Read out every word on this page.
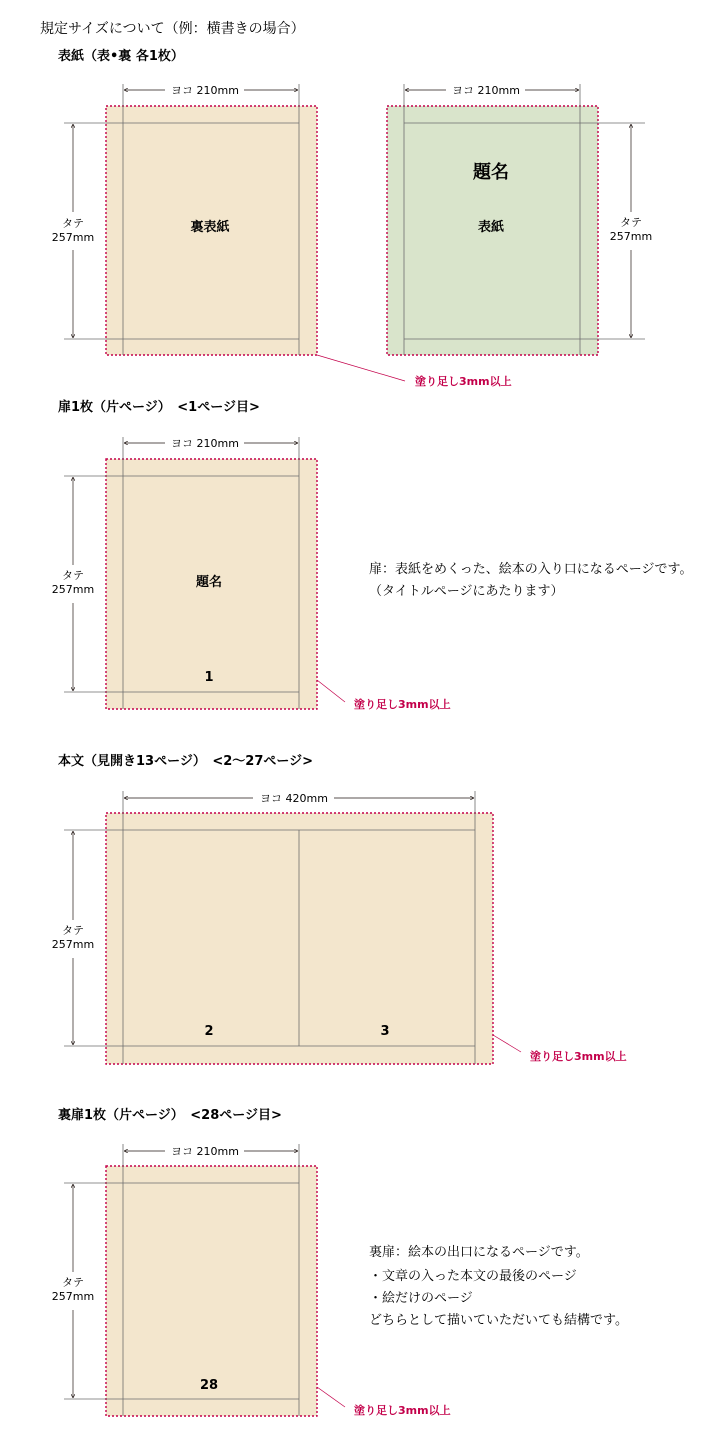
規定サイズについて（例：横書きの場合）
表紙（表•裏 各1枚）
ヨコ 210mm
タテ
257mm
裏表紙
ヨコ 210mm
タテ
257mm
題名
表紙
塗り足し3mm以上
扉1枚（片ページ）　<1ページ目>
ヨコ 210mm
タテ
257mm	題名
1
塗り足し3mm以上
扉：表紙をめくった、絵本の入り口になるページです。
（タイトルページにあたります）
本文（見開き13ページ）　<2〜27ページ>
ヨコ 420mm
タテ
257mm
2	3
塗り足し3mm以上
裏扉1枚（片ページ）　<28ページ目>
ヨコ 210mm
タテ
257mm
28
塗り足し3mm以上
裏扉：絵本の出口になるページです。
・文章の入った本文の最後のページ
・絵だけのページ
どちらとして描いていただいても結構です。
